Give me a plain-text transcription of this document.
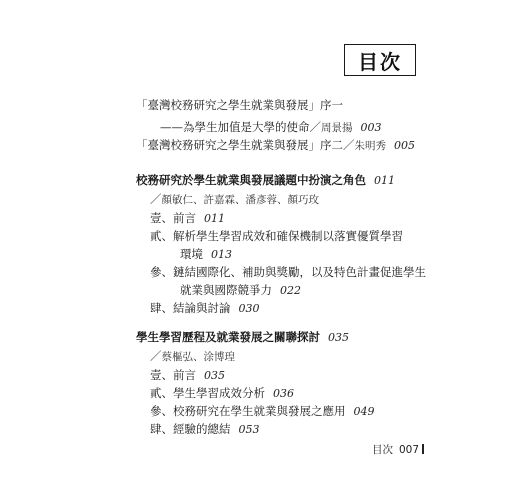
目次
「臺灣校務研究之學生就業與發展」序一
——為學生加值是大學的使命／周景揚 003
「臺灣校務研究之學生就業與發展」序二／朱明秀 005
校務研究於學生就業與發展議題中扮演之角色 011
／顏敏仁、許嘉霖、潘彥蓉、顏巧玫
壹、前言 011
貳、解析學生學習成效和確保機制以落實優質學習
環境 013
參、鏈結國際化、補助與獎勵，以及特色計畫促進學生
就業與國際競爭力 022
肆、結論與討論 030
學生學習歷程及就業發展之關聯探討 035
／蔡樞弘、涂博瑝
壹、前言 035
貳、學生學習成效分析 036
參、校務研究在學生就業與發展之應用 049
肆、經驗的總結 053
目次 007
